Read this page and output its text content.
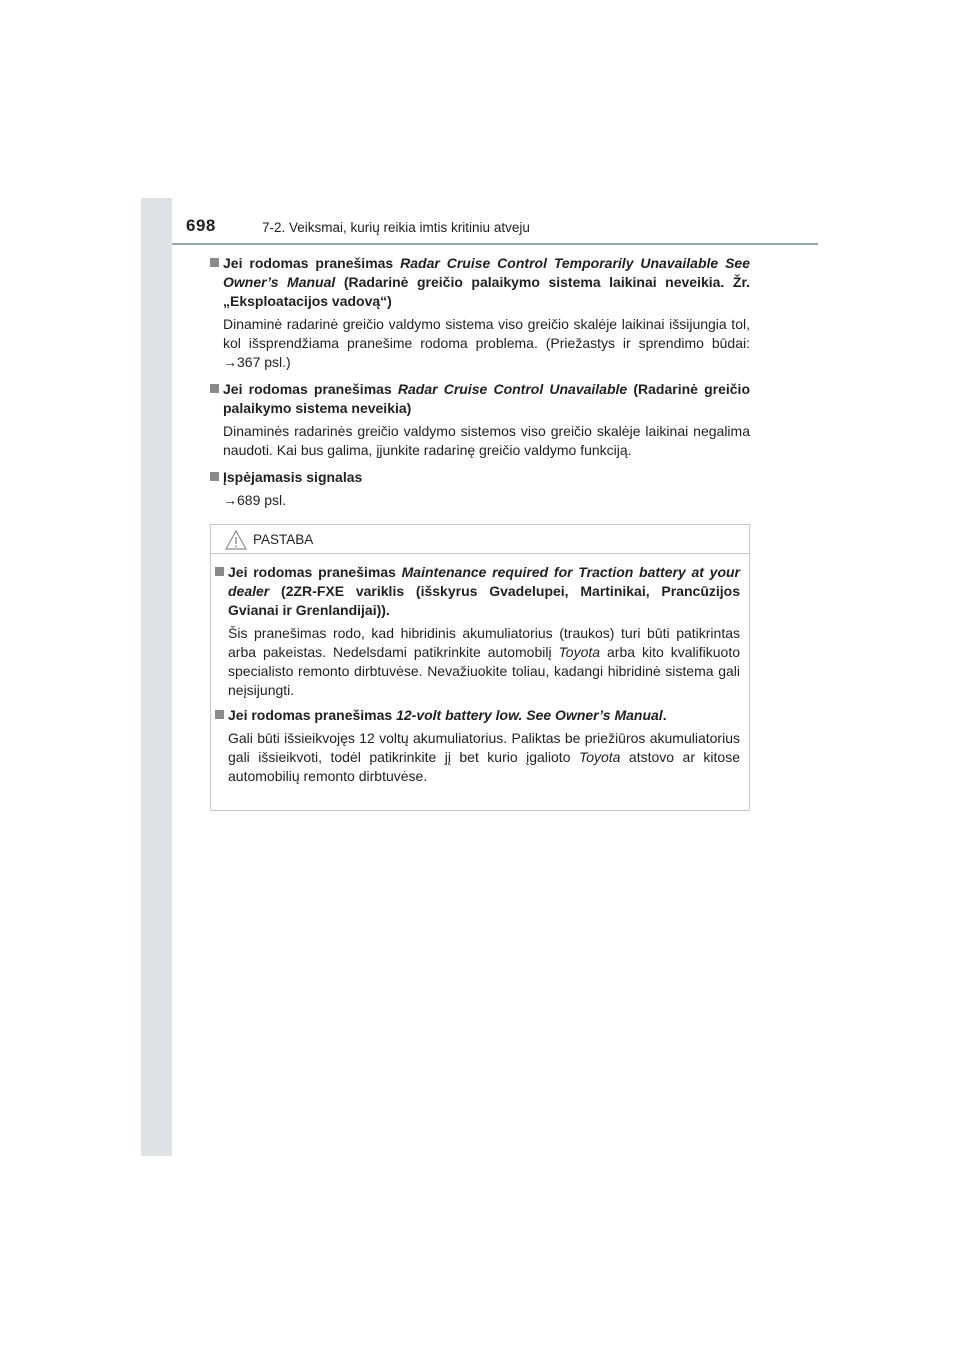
698	7-2. Veiksmai, kurių reikia imtis kritiniu atveju
Jei rodomas pranešimas Radar Cruise Control Temporarily Unavailable See Owner’s Manual (Radarinė greičio palaikymo sistema laikinai neveikia. Žr. „Eksploatacijos vadovą“)
Dinaminė radarinė greičio valdymo sistema viso greičio skalėje laikinai išsijungia tol, kol išsprendžiama pranešime rodoma problema. (Priežastys ir sprendimo būdai: →367 psl.)
Jei rodomas pranešimas Radar Cruise Control Unavailable (Radarinė greičio palaikymo sistema neveikia)
Dinaminės radarinės greičio valdymo sistemos viso greičio skalėje laikinai negalima naudoti. Kai bus galima, įjunkite radarinę greičio valdymo funkciją.
Įspėjamasis signalas
→689 psl.
PASTABA
Jei rodomas pranešimas Maintenance required for Traction battery at your dealer (2ZR-FXE variklis (išskyrus Gvadelupei, Martinikai, Prancūzijos Gvianai ir Grenlandijai)).
Šis pranešimas rodo, kad hibridinis akumuliatorius (traukos) turi būti patikrintas arba pakeistas. Nedelsdami patikrinkite automobilį Toyota arba kito kvalifikuoto specialisto remonto dirbtuvėse. Nevažiuokite toliau, kadangi hibridinė sistema gali neįsijungti.
Jei rodomas pranešimas 12-volt battery low. See Owner’s Manual.
Gali būti išsieikvojęs 12 voltų akumuliatorius. Paliktas be priežiūros akumuliatorius gali išsieikvoti, todėl patikrinkite jį bet kurio įgalioto Toyota atstovo ar kitose automobilių remonto dirbtuvėse.
